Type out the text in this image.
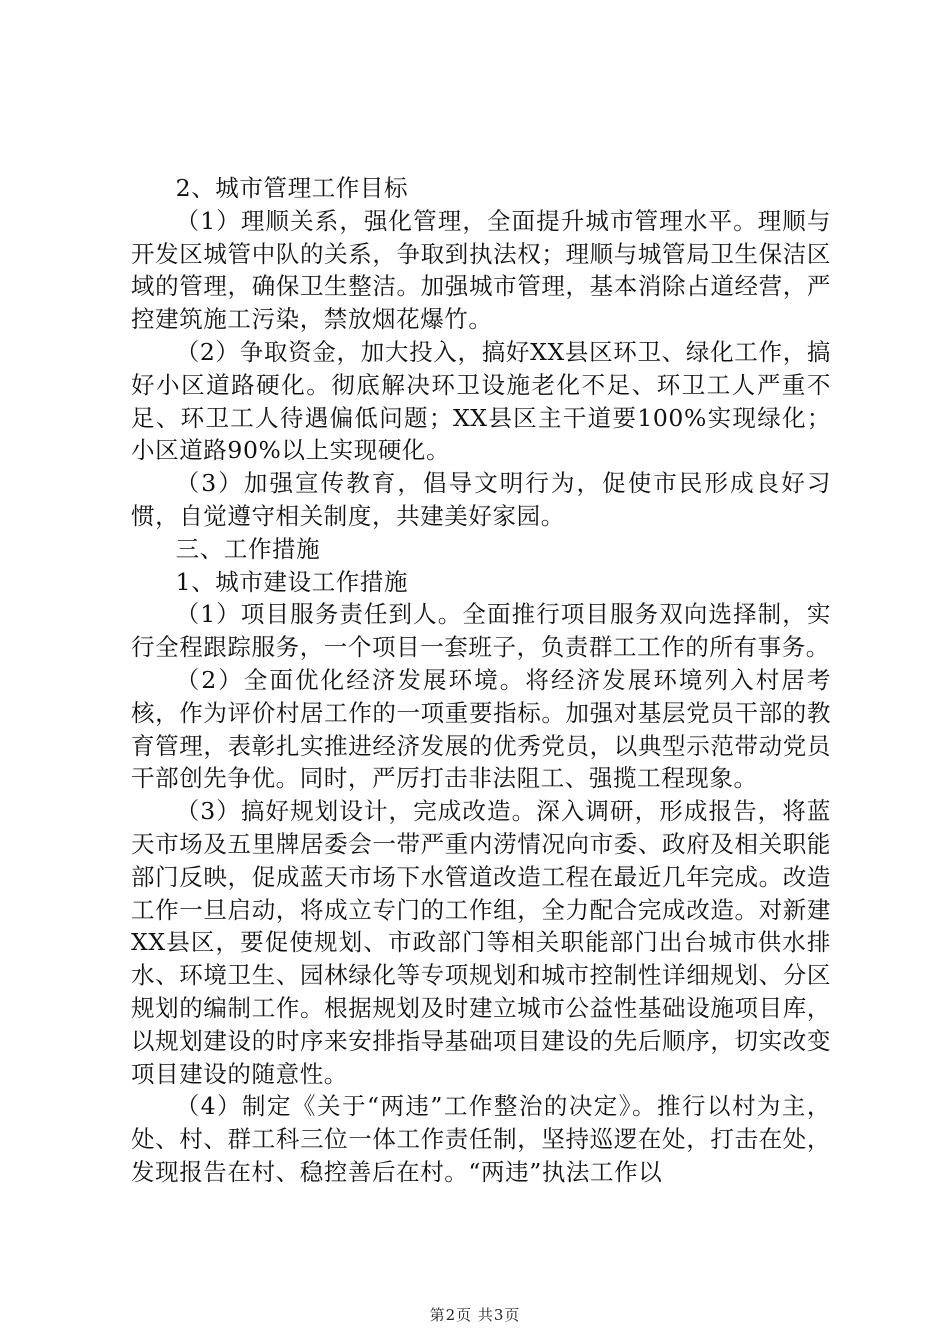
2、城市管理工作目标

（1）理顺关系，强化管理，全面提升城市管理水平。理顺与开发区城管中队的关系，争取到执法权；理顺与城管局卫生保洁区域的管理，确保卫生整洁。加强城市管理，基本消除占道经营，严控建筑施工污染，禁放烟花爆竹。

（2）争取资金，加大投入，搞好XX县区环卫、绿化工作，搞好小区道路硬化。彻底解决环卫设施老化不足、环卫工人严重不足、环卫工人待遇偏低问题；XX县区主干道要100%实现绿化；小区道路90%以上实现硬化。

（3）加强宣传教育，倡导文明行为，促使市民形成良好习惯，自觉遵守相关制度，共建美好家园。

三、工作措施

1、城市建设工作措施

（1）项目服务责任到人。全面推行项目服务双向选择制，实行全程跟踪服务，一个项目一套班子，负责群工工作的所有事务。

（2）全面优化经济发展环境。将经济发展环境列入村居考核，作为评价村居工作的一项重要指标。加强对基层党员干部的教育管理，表彰扎实推进经济发展的优秀党员，以典型示范带动党员干部创先争优。同时，严厉打击非法阻工、强揽工程现象。

（3）搞好规划设计，完成改造。深入调研，形成报告，将蓝天市场及五里牌居委会一带严重内涝情况向市委、政府及相关职能部门反映，促成蓝天市场下水管道改造工程在最近几年完成。改造工作一旦启动，将成立专门的工作组，全力配合完成改造。对新建XX县区，要促使规划、市政部门等相关职能部门出台城市供水排水、环境卫生、园林绿化等专项规划和城市控制性详细规划、分区规划的编制工作。根据规划及时建立城市公益性基础设施项目库，以规划建设的时序来安排指导基础项目建设的先后顺序，切实改变项目建设的随意性。

（4）制定《关于“两违”工作整治的决定》。推行以村为主，处、村、群工科三位一体工作责任制，坚持巡逻在处，打击在处，发现报告在村、稳控善后在村。“两违”执法工作以

第2页 共3页
